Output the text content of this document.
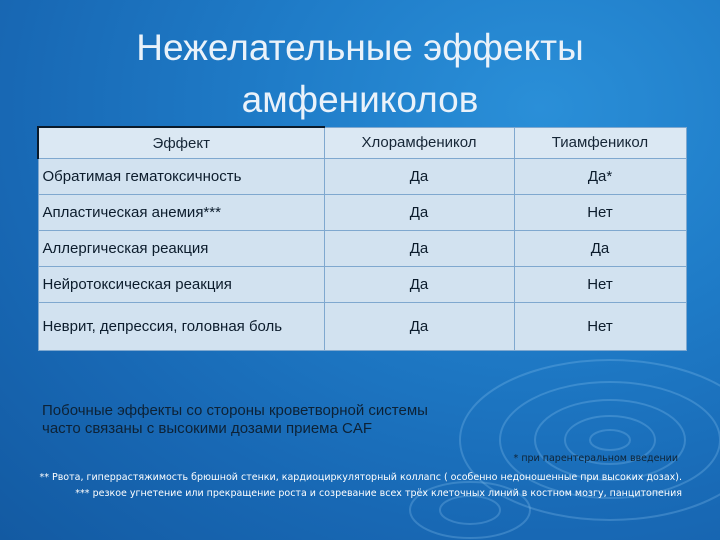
Нежелательные эффекты
амфениколов
Эффект	Хлорамфеникол	Тиамфеникол
Обратимая гематоксичность	Да	Да*
Апластическая анемия***	Да	Нет
Аллергическая реакция	Да	Да
Нейротоксическая реакция	Да	Нет
Неврит, депрессия, головная боль	Да	Нет
Побочные эффекты со стороны кроветворной системы
часто связаны с высокими дозами приема CAF
* при парентеральном введении
** Рвота, гиперрастяжимость брюшной стенки, кардиоциркуляторный коллапс ( особенно недоношенные при высоких дозах).
*** резкое угнетение или прекращение роста и созревание всех трёх клеточных линий в костном мозгу, панцитопения
